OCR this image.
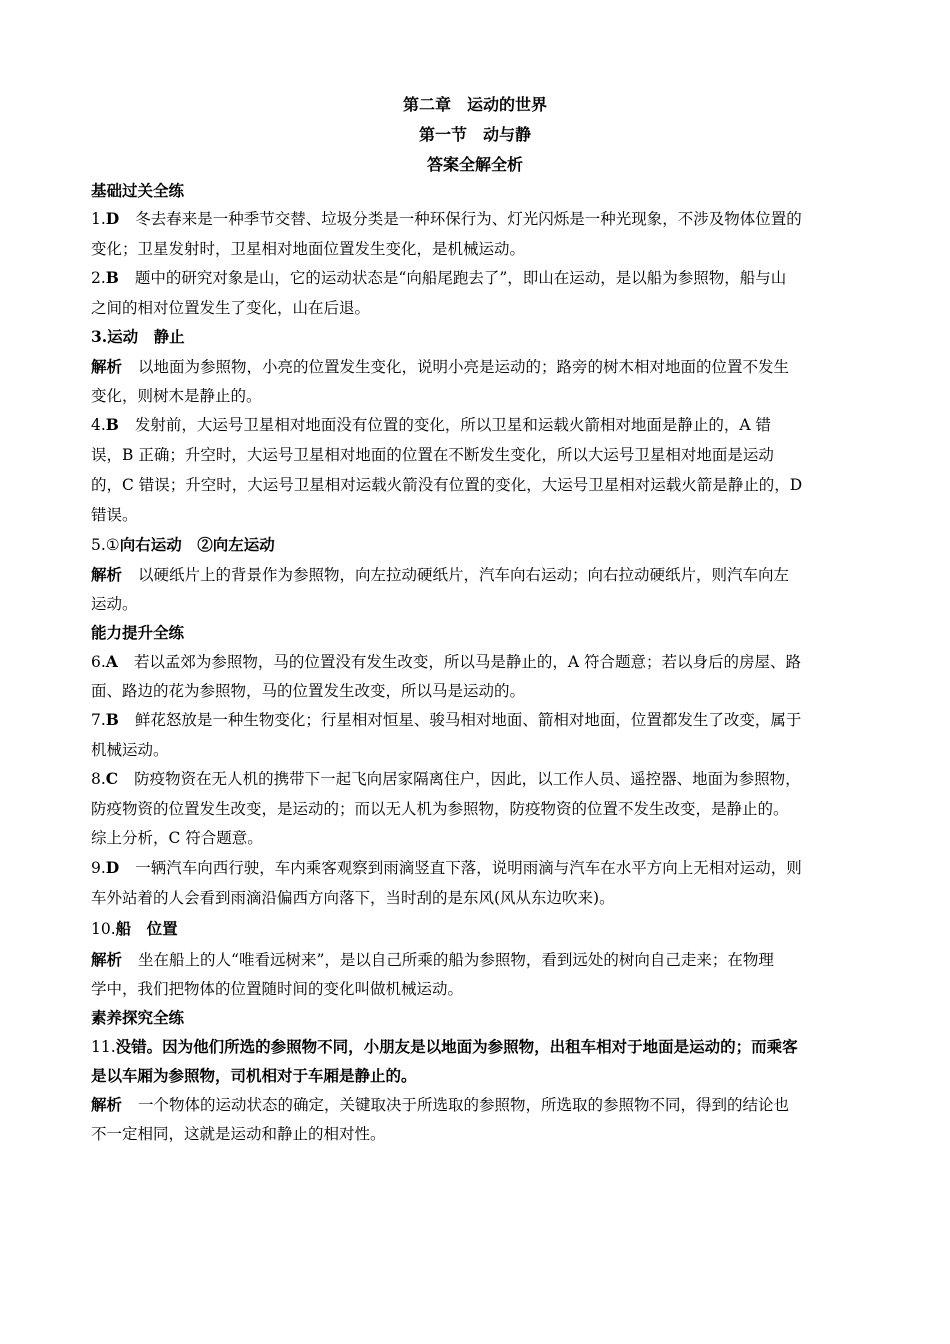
第二章　运动的世界
第一节　动与静
答案全解全析
基础过关全练
1.D 冬去春来是一种季节交替、垃圾分类是一种环保行为、灯光闪烁是一种光现象，不涉及物体位置的
变化；卫星发射时，卫星相对地面位置发生变化，是机械运动。
2.B 题中的研究对象是山，它的运动状态是“向船尾跑去了”，即山在运动，是以船为参照物，船与山
之间的相对位置发生了变化，山在后退。
3.运动　静止
解析 以地面为参照物，小亮的位置发生变化，说明小亮是运动的；路旁的树木相对地面的位置不发生
变化，则树木是静止的。
4.B 发射前，大运号卫星相对地面没有位置的变化，所以卫星和运载火箭相对地面是静止的，A 错
误，B 正确；升空时，大运号卫星相对地面的位置在不断发生变化，所以大运号卫星相对地面是运动
的，C 错误；升空时，大运号卫星相对运载火箭没有位置的变化，大运号卫星相对运载火箭是静止的，D
错误。
5.①向右运动　②向左运动
解析 以硬纸片上的背景作为参照物，向左拉动硬纸片，汽车向右运动；向右拉动硬纸片，则汽车向左
运动。
能力提升全练
6.A 若以孟郊为参照物，马的位置没有发生改变，所以马是静止的，A 符合题意；若以身后的房屋、路
面、路边的花为参照物，马的位置发生改变，所以马是运动的。
7.B 鲜花怒放是一种生物变化；行星相对恒星、骏马相对地面、箭相对地面，位置都发生了改变，属于
机械运动。
8.C 防疫物资在无人机的携带下一起飞向居家隔离住户，因此，以工作人员、遥控器、地面为参照物，
防疫物资的位置发生改变，是运动的；而以无人机为参照物，防疫物资的位置不发生改变，是静止的。
综上分析，C 符合题意。
9.D 一辆汽车向西行驶，车内乘客观察到雨滴竖直下落，说明雨滴与汽车在水平方向上无相对运动，则
车外站着的人会看到雨滴沿偏西方向落下，当时刮的是东风(风从东边吹来)。
10.船　位置
解析 坐在船上的人“唯看远树来”，是以自己所乘的船为参照物，看到远处的树向自己走来；在物理
学中，我们把物体的位置随时间的变化叫做机械运动。
素养探究全练
11.没错。因为他们所选的参照物不同，小朋友是以地面为参照物，出租车相对于地面是运动的；而乘客
是以车厢为参照物，司机相对于车厢是静止的。
解析 一个物体的运动状态的确定，关键取决于所选取的参照物，所选取的参照物不同，得到的结论也
不一定相同，这就是运动和静止的相对性。
